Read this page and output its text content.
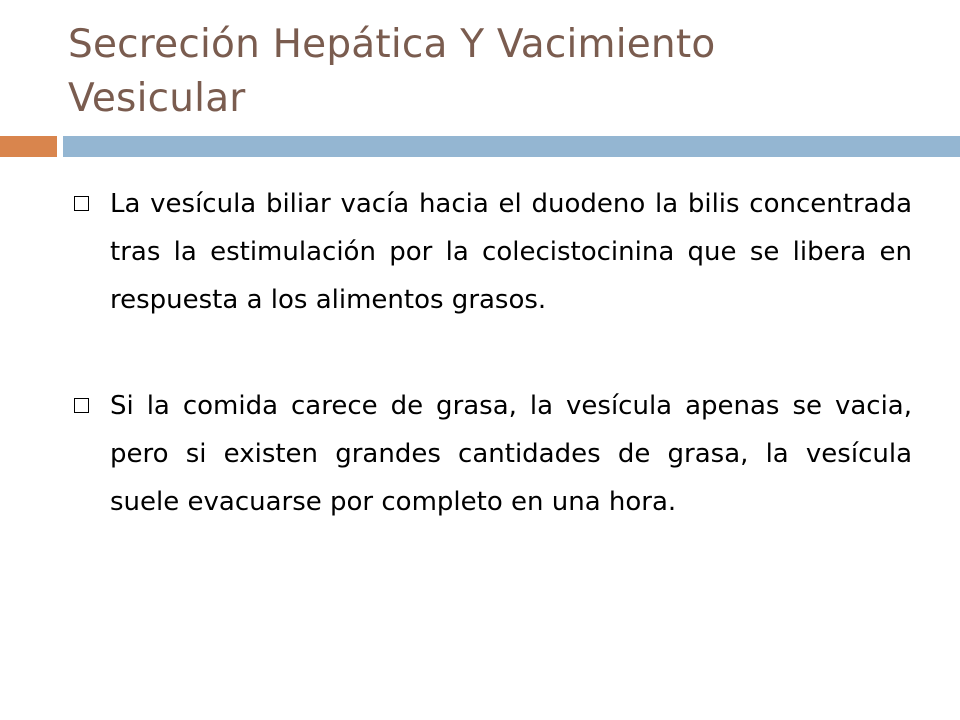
Secreción Hepática Y Vacimiento Vesicular
La vesícula biliar vacía hacia el duodeno la bilis concentrada tras la estimulación por la colecistocinina que se libera en respuesta a los alimentos grasos.
Si la comida carece de grasa, la vesícula apenas se vacia, pero si existen grandes cantidades de grasa, la vesícula suele evacuarse por completo en una hora.
